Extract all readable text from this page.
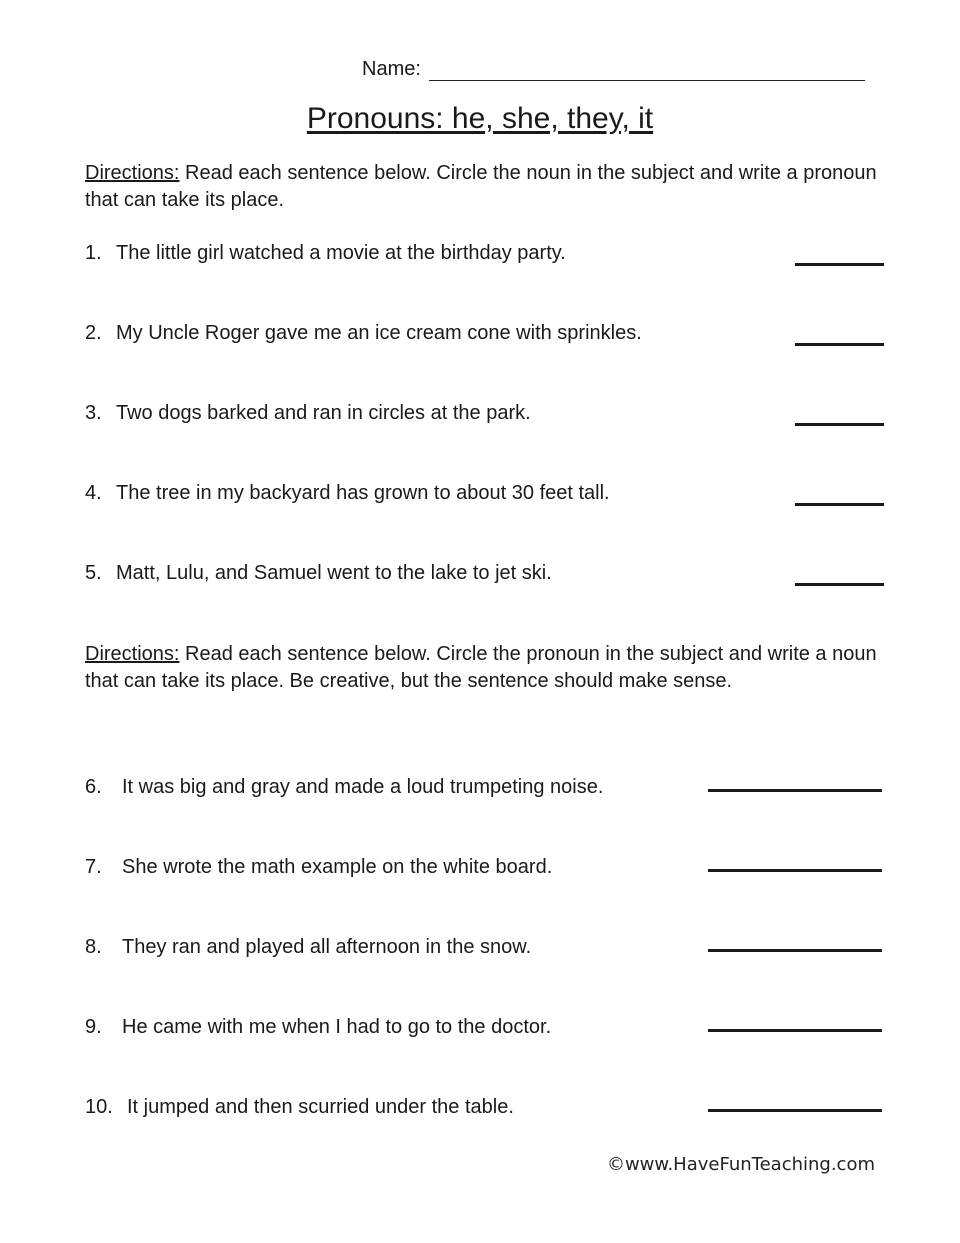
Name:
Pronouns: he, she, they, it
Directions: Read each sentence below. Circle the noun in the subject and write a pronoun that can take its place.
1. The little girl watched a movie at the birthday party.
2. My Uncle Roger gave me an ice cream cone with sprinkles.
3. Two dogs barked and ran in circles at the park.
4. The tree in my backyard has grown to about 30 feet tall.
5. Matt, Lulu, and Samuel went to the lake to jet ski.
Directions: Read each sentence below. Circle the pronoun in the subject and write a noun that can take its place. Be creative, but the sentence should make sense.
6. It was big and gray and made a loud trumpeting noise.
7. She wrote the math example on the white board.
8. They ran and played all afternoon in the snow.
9. He came with me when I had to go to the doctor.
10. It jumped and then scurried under the table.
©www.HaveFunTeaching.com
